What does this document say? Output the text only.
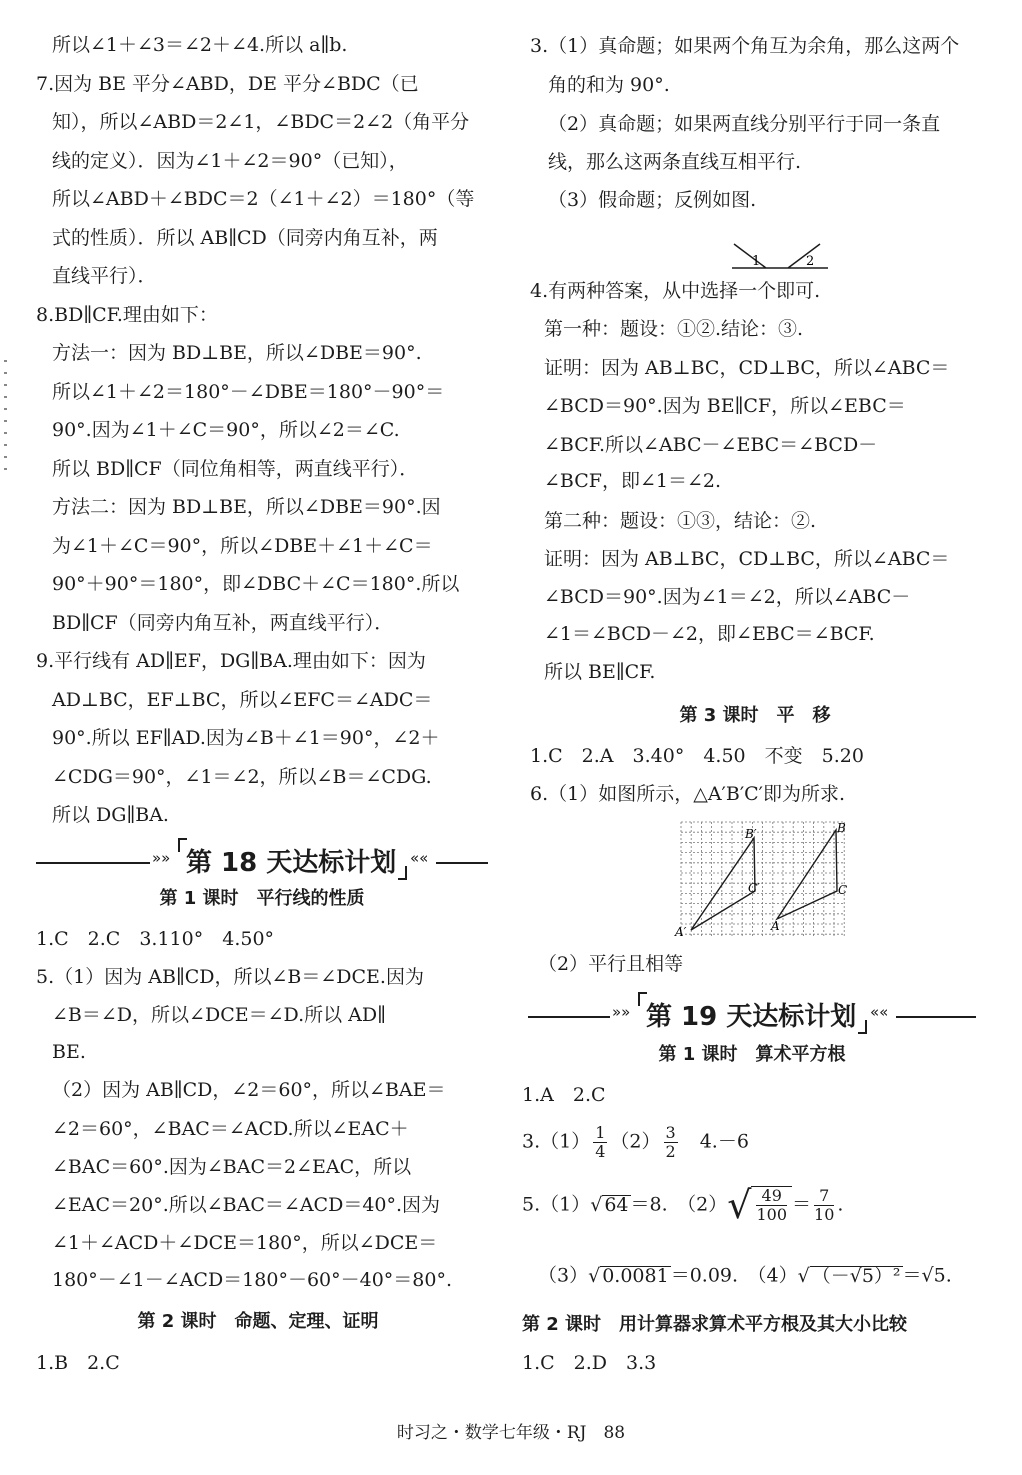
所以∠1＋∠3＝∠2＋∠4.所以 a∥b.
7.因为 BE 平分∠ABD，DE 平分∠BDC（已
知），所以∠ABD＝2∠1，∠BDC＝2∠2（角平分
线的定义）．因为∠1＋∠2＝90°（已知），
所以∠ABD＋∠BDC＝2（∠1＋∠2）＝180°（等
式的性质）．所以 AB∥CD（同旁内角互补，两
直线平行）．
8.BD∥CF.理由如下：
方法一：因为 BD⊥BE，所以∠DBE＝90°.
所以∠1＋∠2＝180°－∠DBE＝180°－90°＝
90°.因为∠1＋∠C＝90°，所以∠2＝∠C.
所以 BD∥CF（同位角相等，两直线平行）．
方法二：因为 BD⊥BE，所以∠DBE＝90°.因
为∠1＋∠C＝90°，所以∠DBE＋∠1＋∠C＝
90°＋90°＝180°，即∠DBC＋∠C＝180°.所以
BD∥CF（同旁内角互补，两直线平行）．
9.平行线有 AD∥EF，DG∥BA.理由如下：因为
AD⊥BC，EF⊥BC，所以∠EFC＝∠ADC＝
90°.所以 EF∥AD.因为∠B＋∠1＝90°，∠2＋
∠CDG＝90°，∠1＝∠2，所以∠B＝∠CDG.
所以 DG∥BA.
第 18 天达标计划
»»	««
第 1 课时　平行线的性质
1.C　2.C　3.110°　4.50°
5.（1）因为 AB∥CD，所以∠B＝∠DCE.因为
∠B＝∠D，所以∠DCE＝∠D.所以 AD∥
BE.
（2）因为 AB∥CD，∠2＝60°，所以∠BAE＝
∠2＝60°，∠BAC＝∠ACD.所以∠EAC＋
∠BAC＝60°.因为∠BAC＝2∠EAC，所以
∠EAC＝20°.所以∠BAC＝∠ACD＝40°.因为
∠1＋∠ACD＋∠DCE＝180°，所以∠DCE＝
180°－∠1－∠ACD＝180°－60°－40°＝80°.
第 2 课时　命题、定理、证明
1.B　2.C
3.（1）真命题；如果两个角互为余角，那么这两个
角的和为 90°.
（2）真命题；如果两直线分别平行于同一条直
线，那么这两条直线互相平行.
（3）假命题；反例如图.
1	2
4.有两种答案，从中选择一个即可.
第一种：题设：①②.结论：③.
证明：因为 AB⊥BC，CD⊥BC，所以∠ABC＝
∠BCD＝90°.因为 BE∥CF，所以∠EBC＝
∠BCF.所以∠ABC－∠EBC＝∠BCD－
∠BCF，即∠1＝∠2.
第二种：题设：①③，结论：②.
证明：因为 AB⊥BC，CD⊥BC，所以∠ABC＝
∠BCD＝90°.因为∠1＝∠2，所以∠ABC－
∠1＝∠BCD－∠2，即∠EBC＝∠BCF.
所以 BE∥CF.
第 3 课时　平　移
1.C　2.A　3.40°　4.50　不变　5.20
6.（1）如图所示，△A′B′C′即为所求.
A′
B′
C′
A
B
C
（2）平行且相等
第 19 天达标计划
»»	««
第 1 课时　算术平方根
1.A　2.C
$3.(1) \frac{1}{4} (2) \frac{3}{2}$ 　4.－6
5.（1）√ 64 ＝8.　$(2)√ \frac{49}{100} = \frac{7}{10}$ .
（3）√ 0.0081 ＝0.09.　（4）√ （－√5）² ＝√5.
第 2 课时　用计算器求算术平方根及其大小比较
1.C　2.D　3.3
时习之・数学七年级・RJ　88
